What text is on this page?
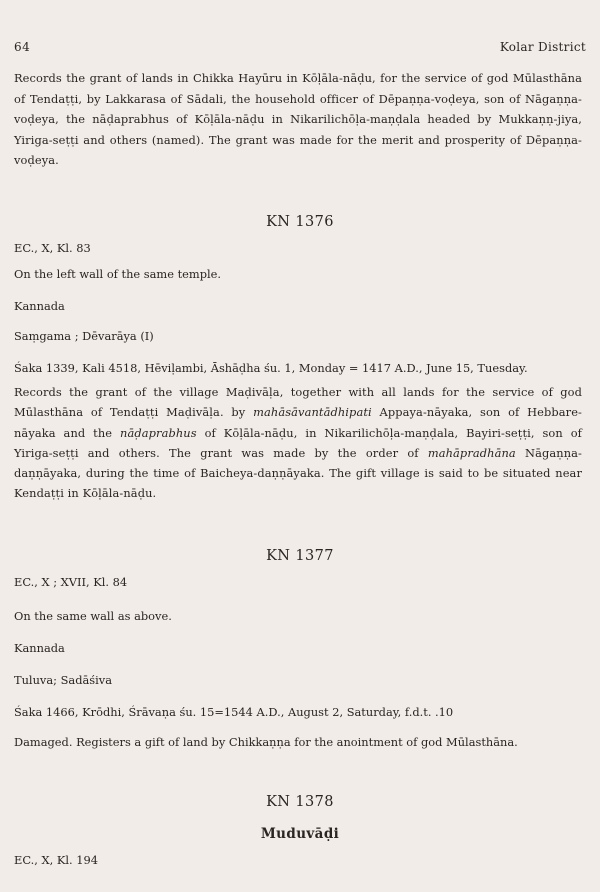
64	Kolar District
Records the grant of lands in Chikka Hayūru in Kōḷāla-nāḍu, for the service of god Mūlasthāna of Tendaṭṭi, by Lakkarasa of Sādali, the household officer of Dēpaṇṇa-voḍeya, son of Nāgaṇṇa-voḍeya, the nāḍaprabhus of Kōḷāla-nāḍu in Nikarilichōḷa-maṇḍala headed by Mukkaṇṇ-jiya, Yiriga-seṭṭi and others (named). The grant was made for the merit and prosperity of Dēpaṇṇa-voḍeya.
KN 1376
EC., X, Kl. 83
On the left wall of the same temple.
Kannada
Saṃgama ; Dēvarāya (I)
Śaka 1339, Kali 4518, Hēviḷambi, Āshāḍha śu. 1, Monday = 1417 A.D., June 15, Tuesday.
Records the grant of the village Maḍivāḷa, together with all lands for the service of god Mūlasthāna of Tendaṭṭi Maḍivāḷa. by mahāsāvantādhipati Appaya-nāyaka, son of Hebbare-nāyaka and the nāḍaprabhus of Kōḷāla-nāḍu, in Nikarilichōḷa-maṇḍala, Bayiri-seṭṭi, son of Yiriga-seṭṭi and others. The grant was made by the order of mahāpradhāna Nāgaṇṇa-daṇṇāyaka, during the time of Baicheya-daṇṇāyaka. The gift village is said to be situated near Kendaṭṭi in Kōḷāla-nāḍu.
KN 1377
EC., X ; XVII, Kl. 84
On the same wall as above.
Kannada
Tuluva; Sadāśiva
Śaka 1466, Krōdhi, Śrāvaṇa śu. 15=1544 A.D., August 2, Saturday, f.d.t. .10
Damaged. Registers a gift of land by Chikkaṇṇa for the anointment of god Mūlasthāna.
KN 1378
Muduvāḍi
EC., X, Kl. 194
